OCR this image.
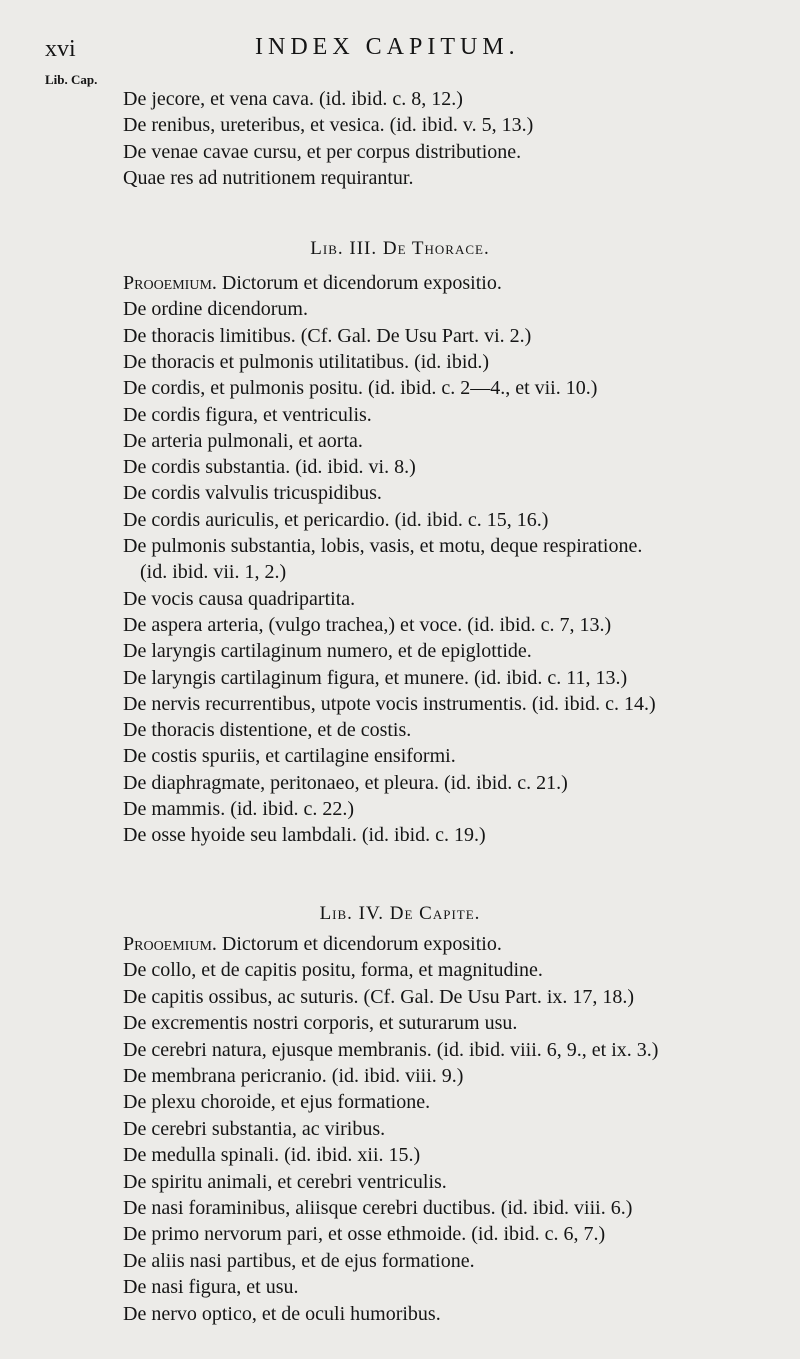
xvi	INDEX CAPITUM.
Lib. Cap.
De jecore, et vena cava. (id. ibid. c. 8, 12.)
De renibus, ureteribus, et vesica. (id. ibid. v. 5, 13.)
De venae cavae cursu, et per corpus distributione.
Quae res ad nutritionem requirantur.
Lib. III. De Thorace.
Prooemium. Dictorum et dicendorum expositio.
De ordine dicendorum.
De thoracis limitibus. (Cf. Gal. De Usu Part. vi. 2.)
De thoracis et pulmonis utilitatibus. (id. ibid.)
De cordis, et pulmonis positu. (id. ibid. c. 2—4., et vii. 10.)
De cordis figura, et ventriculis.
De arteria pulmonali, et aorta.
De cordis substantia. (id. ibid. vi. 8.)
De cordis valvulis tricuspidibus.
De cordis auriculis, et pericardio. (id. ibid. c. 15, 16.)
De pulmonis substantia, lobis, vasis, et motu, deque respiratione.
(id. ibid. vii. 1, 2.)
De vocis causa quadripartita.
De aspera arteria, (vulgo trachea,) et voce. (id. ibid. c. 7, 13.)
De laryngis cartilaginum numero, et de epiglottide.
De laryngis cartilaginum figura, et munere. (id. ibid. c. 11, 13.)
De nervis recurrentibus, utpote vocis instrumentis. (id. ibid. c. 14.)
De thoracis distentione, et de costis.
De costis spuriis, et cartilagine ensiformi.
De diaphragmate, peritonaeo, et pleura. (id. ibid. c. 21.)
De mammis. (id. ibid. c. 22.)
De osse hyoide seu lambdali. (id. ibid. c. 19.)
Lib. IV. De Capite.
Prooemium. Dictorum et dicendorum expositio.
De collo, et de capitis positu, forma, et magnitudine.
De capitis ossibus, ac suturis. (Cf. Gal. De Usu Part. ix. 17, 18.)
De excrementis nostri corporis, et suturarum usu.
De cerebri natura, ejusque membranis. (id. ibid. viii. 6, 9., et ix. 3.)
De membrana pericranio. (id. ibid. viii. 9.)
De plexu choroide, et ejus formatione.
De cerebri substantia, ac viribus.
De medulla spinali. (id. ibid. xii. 15.)
De spiritu animali, et cerebri ventriculis.
De nasi foraminibus, aliisque cerebri ductibus. (id. ibid. viii. 6.)
De primo nervorum pari, et osse ethmoide. (id. ibid. c. 6, 7.)
De aliis nasi partibus, et de ejus formatione.
De nasi figura, et usu.
De nervo optico, et de oculi humoribus.
